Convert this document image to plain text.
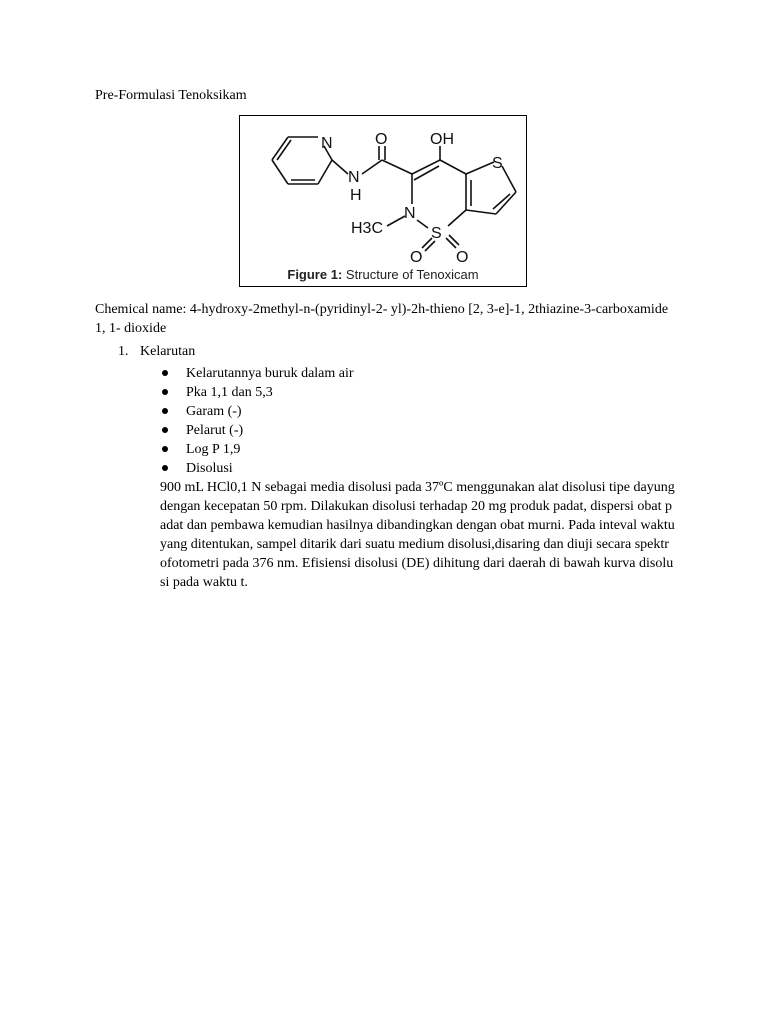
Pre-Formulasi Tenoksikam
N	O	OH
S
N
H
N
H3C	S
O O
Figure 1: Structure of Tenoxicam
Chemical name: 4-hydroxy-2methyl-n-(pyridinyl-2- yl)-2h-thieno [2, 3-e]-1, 2thiazine-3-carboxamide 1, 1- dioxide
1. Kelarutan
Kelarutannya buruk dalam air
Pka 1,1 dan 5,3
Garam (-)
Pelarut (-)
Log P 1,9
Disolusi
900 mL HCl0,1 N sebagai media disolusi pada 37ºC menggunakan alat disolusi tipe dayung dengan kecepatan 50 rpm. Dilakukan disolusi terhadap 20 mg produk padat, dispersi obat padat dan pembawa kemudian hasilnya dibandingkan dengan obat murni. Pada inteval waktu yang ditentukan, sampel ditarik dari suatu medium disolusi,disaring dan diuji secara spektrofotometri pada 376 nm. Efisiensi disolusi (DE) dihitung dari daerah di bawah kurva disolusi pada waktu t.
